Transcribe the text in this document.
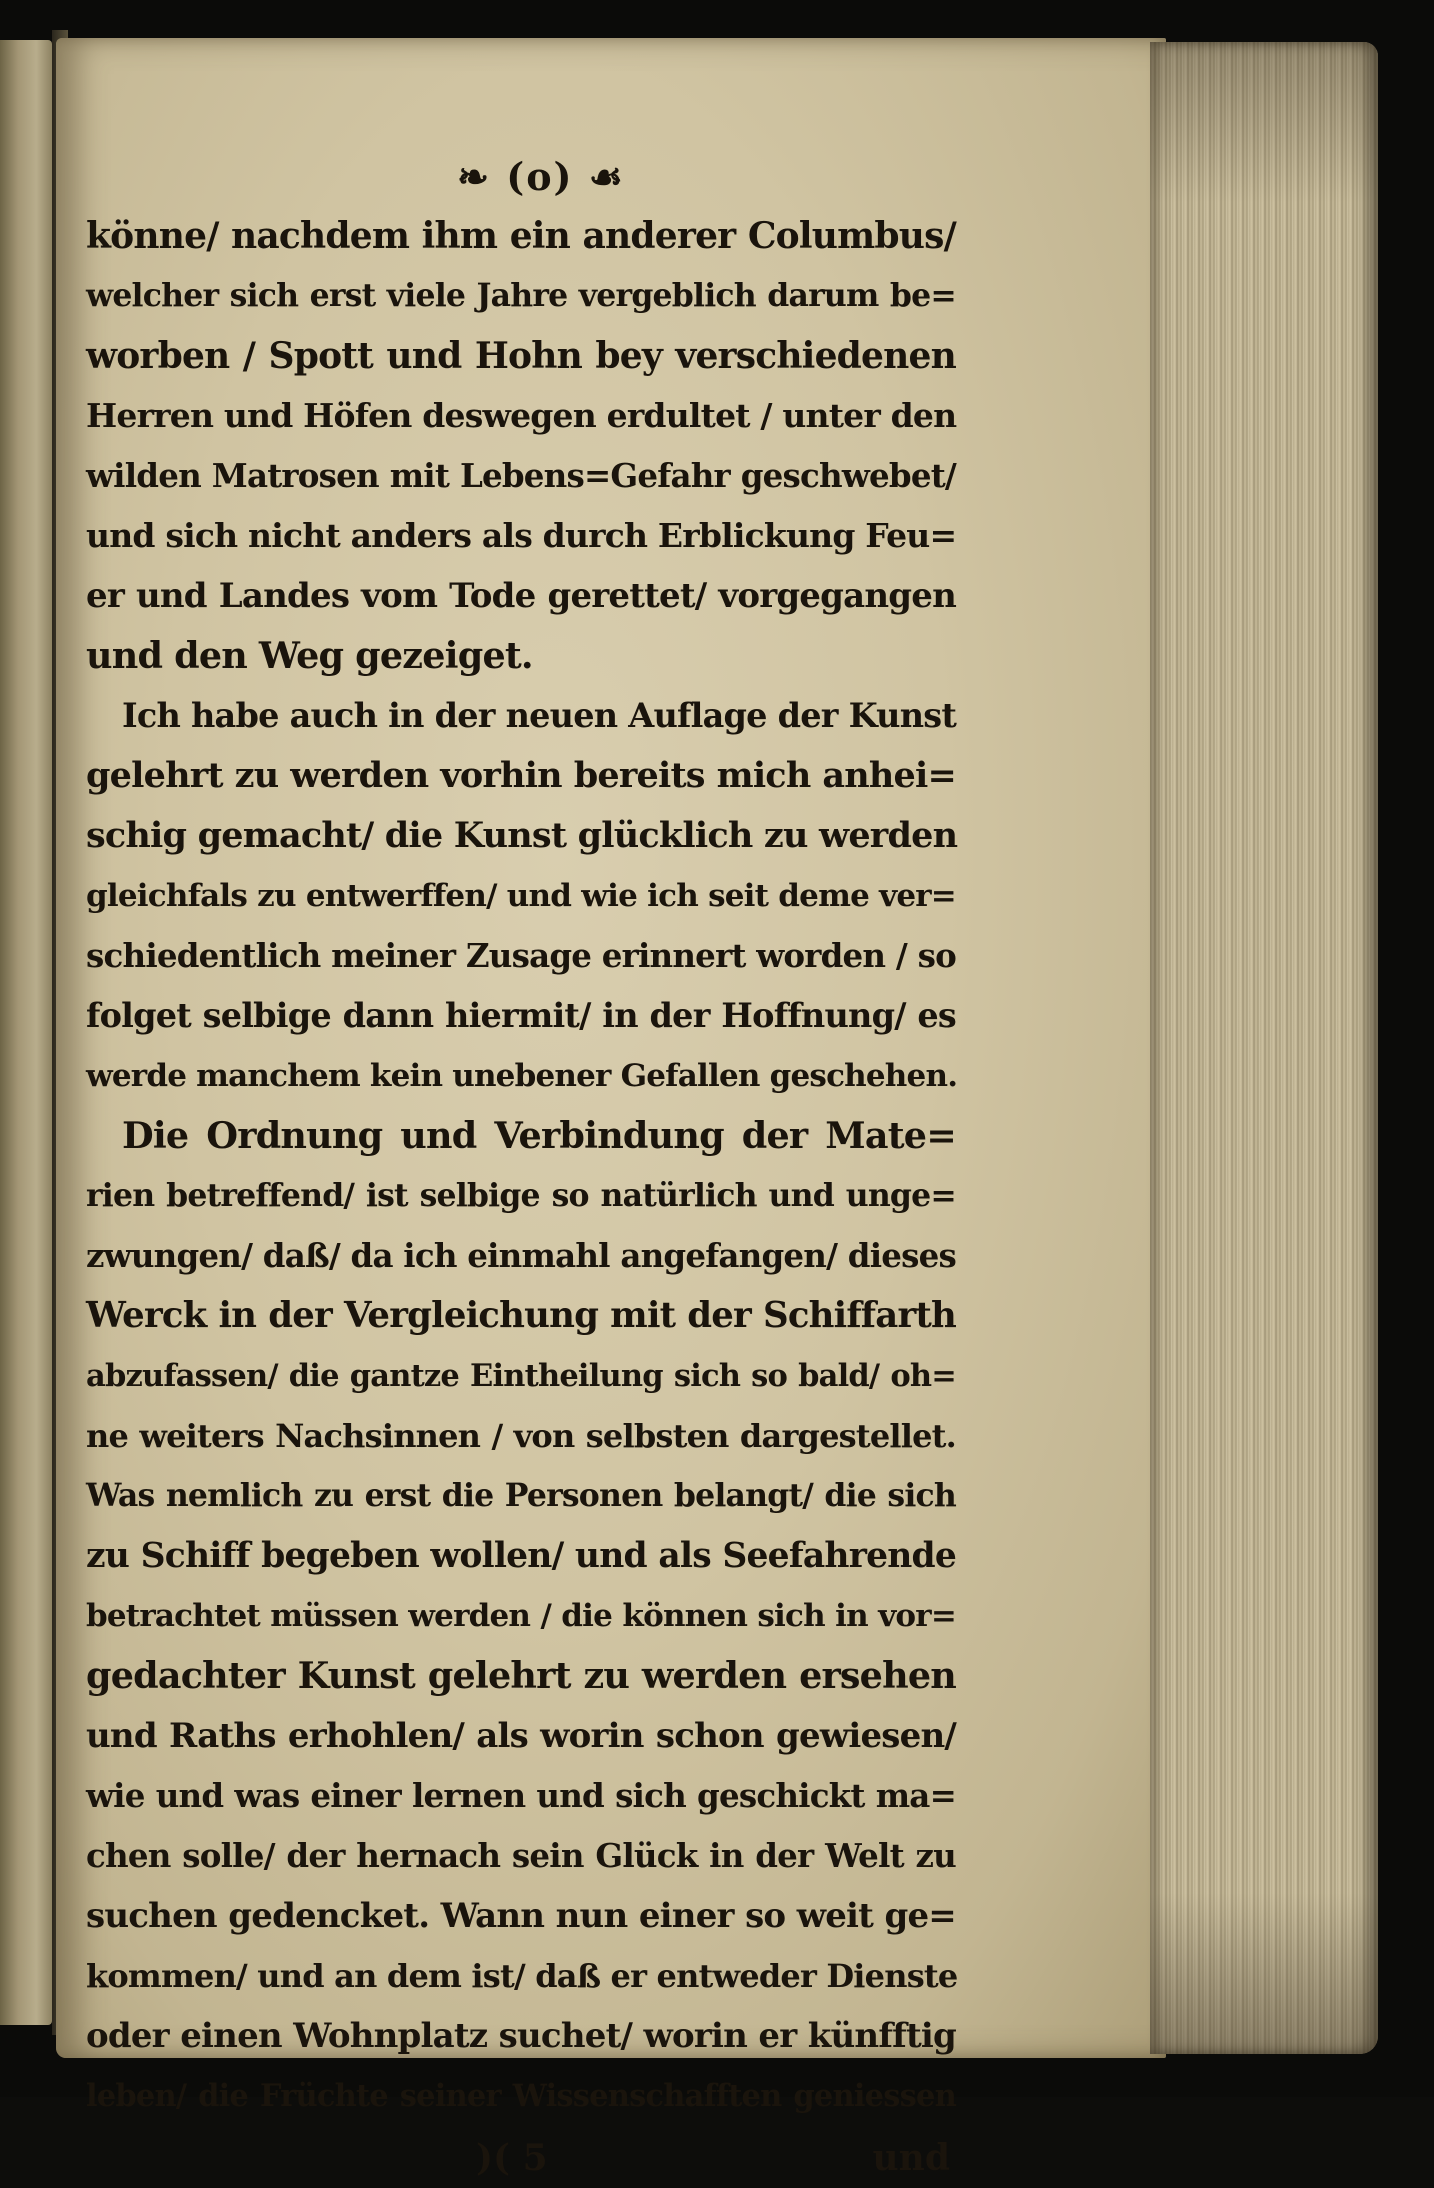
❧ (o) ☙
könne/ nachdem ihm ein anderer Columbus/
welcher sich erst viele Jahre vergeblich darum be=
worben / Spott und Hohn bey verschiedenen
Herren und Höfen deswegen erdultet / unter den
wilden Matrosen mit Lebens=Gefahr geschwebet/
und sich nicht anders als durch Erblickung Feu=
er und Landes vom Tode gerettet/ vorgegangen
und den Weg gezeiget.
Ich habe auch in der neuen Auflage der Kunst
gelehrt zu werden vorhin bereits mich anhei=
schig gemacht/ die Kunst glücklich zu werden
gleichfals zu entwerffen/ und wie ich seit deme ver=
schiedentlich meiner Zusage erinnert worden / so
folget selbige dann hiermit/ in der Hoffnung/ es
werde manchem kein unebener Gefallen geschehen.
Die Ordnung und Verbindung der Mate=
rien betreffend/ ist selbige so natürlich und unge=
zwungen/ daß/ da ich einmahl angefangen/ dieses
Werck in der Vergleichung mit der Schiffarth
abzufassen/ die gantze Eintheilung sich so bald/ oh=
ne weiters Nachsinnen / von selbsten dargestellet.
Was nemlich zu erst die Personen belangt/ die sich
zu Schiff begeben wollen/ und als Seefahrende
betrachtet müssen werden / die können sich in vor=
gedachter Kunst gelehrt zu werden ersehen
und Raths erhohlen/ als worin schon gewiesen/
wie und was einer lernen und sich geschickt ma=
chen solle/ der hernach sein Glück in der Welt zu
suchen gedencket. Wann nun einer so weit ge=
kommen/ und an dem ist/ daß er entweder Dienste
oder einen Wohnplatz suchet/ worin er künfftig
leben/ die Früchte seiner Wissenschafften geniessen
)( 5	und
